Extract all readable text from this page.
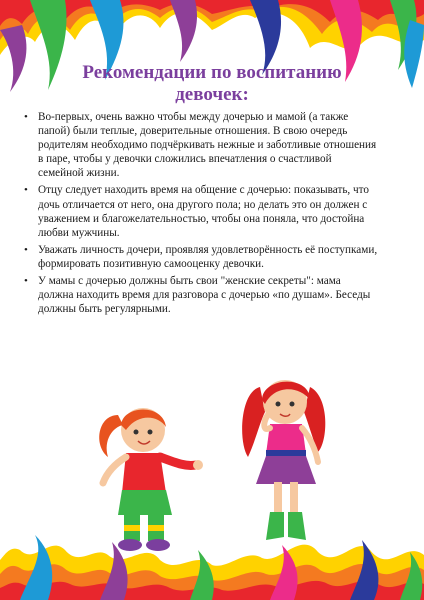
Рекомендации по воспитанию
девочек:
• Во-первых, очень важно чтобы между дочерью и мамой (а также папой) были теплые, доверительные отношения. В свою очередь родителям необходимо подчёркивать нежные и заботливые отношения в паре, чтобы у девочки сложились впечатления о счастливой семейной жизни.
• Отцу следует находить время на общение с дочерью: показывать, что дочь отличается от него, она другого пола; но делать это он должен с уважением и благожелательностью, чтобы она поняла, что достойна любви мужчины.
• Уважать личность дочери, проявляя удовлетворённость её поступками, формировать позитивную самооценку девочки.
• У мамы с дочерью должны быть свои "женские секреты": мама должна находить время для разговора с дочерью «по душам». Беседы должны быть регулярными.
